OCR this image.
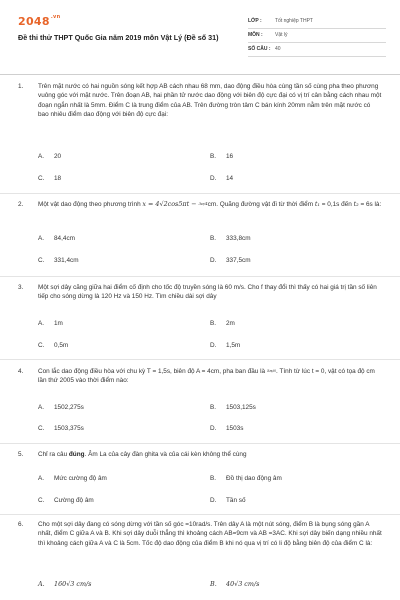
$2048^{.vn}$
Đề thi thử THPT Quốc Gia năm 2019 môn Vật Lý (Đề số 31)
LỚP :	Tốt nghiệp THPT
MÔN :	Vật lý
SỐ CÂU : 40
1. Trên mặt nước có hai nguồn sóng kết hợp AB cách nhau 68 mm, dao động điều hòa cùng tần số cùng pha theo phương vuông góc với mặt nước. Trên đoạn AB, hai phần tử nước dao động với biên độ cực đại có vị trí cân bằng cách nhau một đoạn ngắn nhất là 5mm. Điểm C là trung điểm của AB. Trên đường tròn tâm C bán kính 20mm nằm trên mặt nước có bao nhiêu điểm dao động với biên độ cực đại:
A. 20	B. 16
C. 18	D. 14
2. Một vật dao động theo phương trình x = 4√2cos5πt − 3π/4cm. Quãng đường vật đi từ thời điểm t₁ = 0,1s đến t₂ = 6s là:
A. 84,4cm	B. 333,8cm
C. 331,4cm	D. 337,5cm
3. Một sợi dây căng giữa hai điểm cố định cho tốc độ truyền sóng là 60 m/s. Cho f thay đổi thì thấy có hai giá trị tần số liên tiếp cho sóng dừng là 120 Hz và 150 Hz. Tìm chiều dài sợi dây
A. 1m	B. 2m
C. 0,5m	D. 1,5m
4. Con lắc dao động điều hòa với chu kỳ T = 1,5s, biên độ A = 4cm, pha ban đầu là 5π/6. Tính từ lúc t = 0, vật có tọa độ cm lần thứ 2005 vào thời điểm nào:
A. 1502,275s	B. 1503,125s
C. 1503,375s	D. 1503s
5. Chỉ ra câu đúng. Âm La của cây đàn ghita và của cái kèn không thể cùng
A. Mức cường độ âm	B. Đồ thị dao động âm
C. Cường độ âm	D. Tần số
6. Cho một sợi dây đang có sóng dừng với tần số góc =10rad/s. Trên dây A là một nút sóng, điểm B là bụng sóng gần A nhất, điểm C giữa A và B. Khi sợi dây duỗi thẳng thì khoảng cách AB=9cm và AB =3AC. Khi sợi dây biến dạng nhiều nhất thì khoảng cách giữa A và C là 5cm. Tốc độ dao động của điểm B khi nó qua vị trí có li độ bằng biên độ của điểm C là:
A. 160√3 cm/s	B. 40√3 cm/s
